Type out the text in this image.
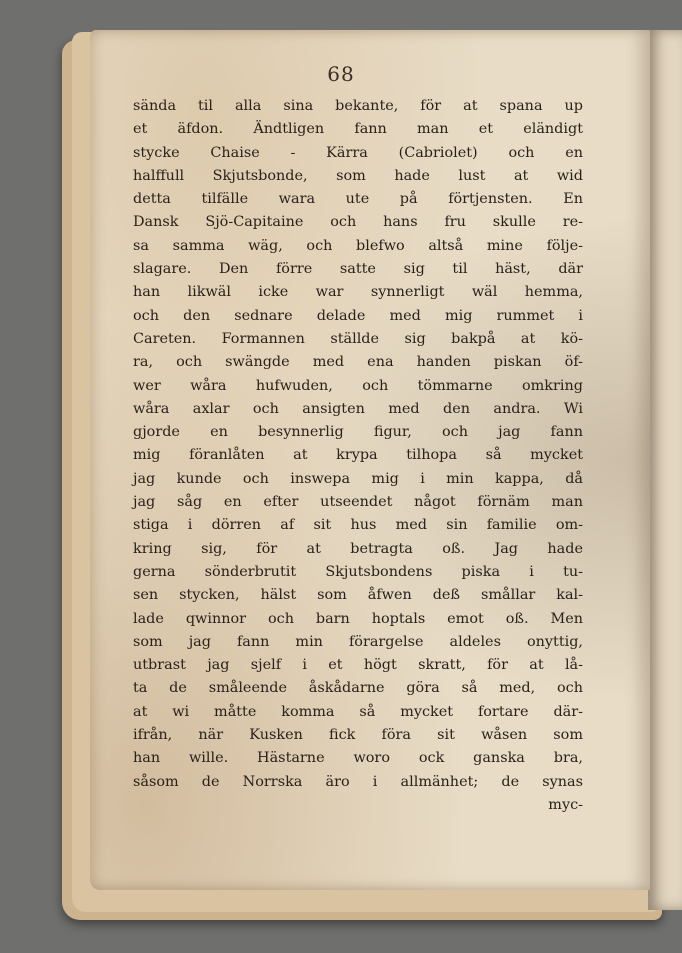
68
sända til alla sina bekante, för at spana up
et äfdon. Ändtligen fann man et eländigt
stycke Chaise - Kärra (Cabriolet) och en
halffull Skjutsbonde, som hade lust at wid
detta tilfälle wara ute på förtjensten. En
Dansk Sjö-Capitaine och hans fru skulle re-
sa samma wäg, och blefwo altså mine följe-
slagare. Den förre satte sig til häst, där
han likwäl icke war synnerligt wäl hemma,
och den sednare delade med mig rummet i
Careten. Formannen ställde sig bakpå at kö-
ra, och swängde med ena handen piskan öf-
wer wåra hufwuden, och tömmarne omkring
wåra axlar och ansigten med den andra. Wi
gjorde en besynnerlig figur, och jag fann
mig föranlåten at krypa tilhopa så mycket
jag kunde och inswepa mig i min kappa, då
jag såg en efter utseendet något förnäm man
stiga i dörren af sit hus med sin familie om-
kring sig, för at betragta oß. Jag hade
gerna sönderbrutit Skjutsbondens piska i tu-
sen stycken, hälst som åfwen deß smållar kal-
lade qwinnor och barn hoptals emot oß. Men
som jag fann min förargelse aldeles onyttig,
utbrast jag sjelf i et högt skratt, för at lå-
ta de småleende åskådarne göra så med, och
at wi måtte komma så mycket fortare där-
ifrån, när Kusken fick föra sit wåsen som
han wille. Hästarne woro ock ganska bra,
såsom de Norrska äro i allmänhet; de synas
myc-
